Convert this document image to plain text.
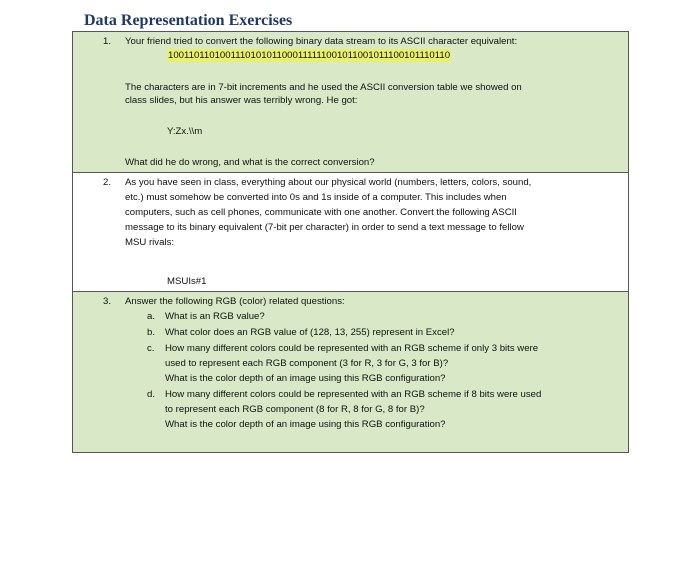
Data Representation Exercises
1. Your friend tried to convert the following binary data stream to its ASCII character equivalent:
1001101101001110101011000111111001011001011100101110110
The characters are in 7-bit increments and he used the ASCII conversion table we showed on
class slides, but his answer was terribly wrong. He got:
Y:Zx.\\m
What did he do wrong, and what is the correct conversion?
2. As you have seen in class, everything about our physical world (numbers, letters, colors, sound,
etc.) must somehow be converted into 0s and 1s inside of a computer. This includes when
computers, such as cell phones, communicate with one another. Convert the following ASCII
message to its binary equivalent (7-bit per character) in order to send a text message to fellow
MSU rivals:
MSUIs#1
3. Answer the following RGB (color) related questions:
a. What is an RGB value?
b. What color does an RGB value of (128, 13, 255) represent in Excel?
c. How many different colors could be represented with an RGB scheme if only 3 bits were
used to represent each RGB component (3 for R, 3 for G, 3 for B)?
What is the color depth of an image using this RGB configuration?
d. How many different colors could be represented with an RGB scheme if 8 bits were used
to represent each RGB component (8 for R, 8 for G, 8 for B)?
What is the color depth of an image using this RGB configuration?
